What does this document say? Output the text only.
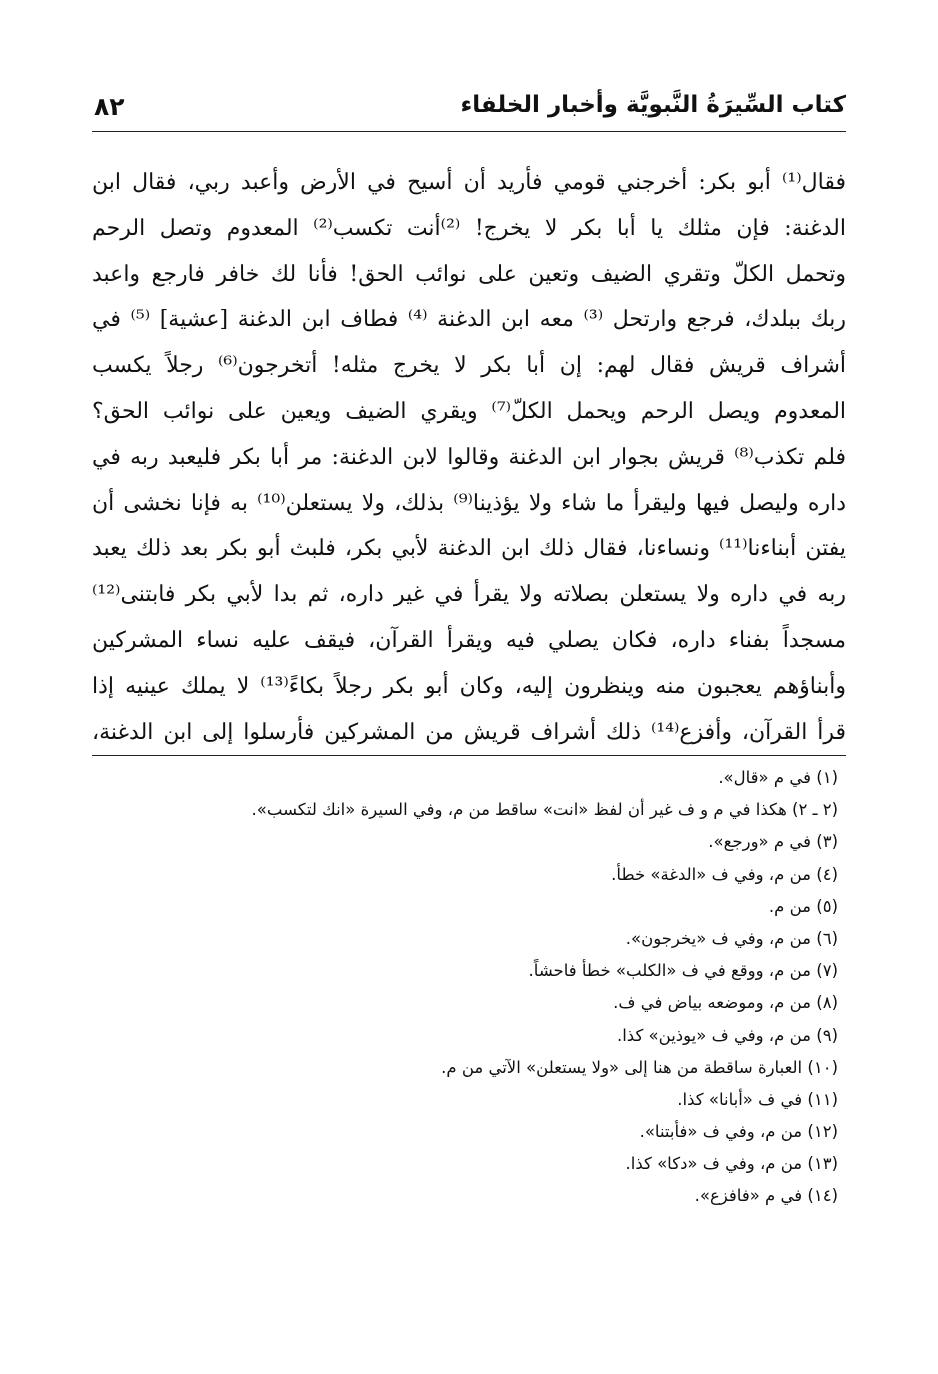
كتاب السِّيرَةُ النَّبويَّة وأخبار الخلفاء
٨٢
فقال⁽¹⁾ أبو بكر: أخرجني قومي فأريد أن أسيح في الأرض وأعبد ربي، فقال ابن
الدغنة: فإن مثلك يا أبا بكر لا يخرج! ⁽²⁾أنت تكسب⁽²⁾ المعدوم وتصل الرحم
وتحمل الكلّ وتقري الضيف وتعين على نوائب الحق! فأنا لك خافر فارجع واعبد
ربك ببلدك، فرجع وارتحل ⁽³⁾ معه ابن الدغنة ⁽⁴⁾ فطاف ابن الدغنة [عشية] ⁽⁵⁾ في
أشراف قريش فقال لهم: إن أبا بكر لا يخرج مثله! أتخرجون⁽⁶⁾ رجلاً يكسب
المعدوم ويصل الرحم ويحمل الكلّ⁽⁷⁾ ويقري الضيف ويعين على نوائب الحق؟
فلم تكذب⁽⁸⁾ قريش بجوار ابن الدغنة وقالوا لابن الدغنة: مر أبا بكر فليعبد ربه في
داره وليصل فيها وليقرأ ما شاء ولا يؤذينا⁽⁹⁾ بذلك، ولا يستعلن⁽¹⁰⁾ به فإنا نخشى أن
يفتن أبناءنا⁽¹¹⁾ ونساءنا، فقال ذلك ابن الدغنة لأبي بكر، فلبث أبو بكر بعد ذلك يعبد
ربه في داره ولا يستعلن بصلاته ولا يقرأ في غير داره، ثم بدا لأبي بكر فابتنى⁽¹²⁾
مسجداً بفناء داره، فكان يصلي فيه ويقرأ القرآن، فيقف عليه نساء المشركين
وأبناؤهم يعجبون منه وينظرون إليه، وكان أبو بكر رجلاً بكاءً⁽¹³⁾ لا يملك عينيه إذا
قرأ القرآن، وأفزع⁽¹⁴⁾ ذلك أشراف قريش من المشركين فأرسلوا إلى ابن الدغنة،
(١) في م «قال».
(٢ ـ ٢) هكذا في م و ف غير أن لفظ «انت» ساقط من م، وفي السيرة «انك لتكسب».
(٣) في م «ورجع».
(٤) من م، وفي ف «الدغة» خطأ.
(٥) من م.
(٦) من م، وفي ف «يخرجون».
(٧) من م، ووقع في ف «الكلب» خطأ فاحشاً.
(٨) من م، وموضعه بياض في ف.
(٩) من م، وفي ف «يوذين» كذا.
(١٠) العبارة ساقطة من هنا إلى «ولا يستعلن» الآتي من م.
(١١) في ف «أبانا» كذا.
(١٢) من م، وفي ف «فأبتنا».
(١٣) من م، وفي ف «دكا» كذا.
(١٤) في م «فافزع».
